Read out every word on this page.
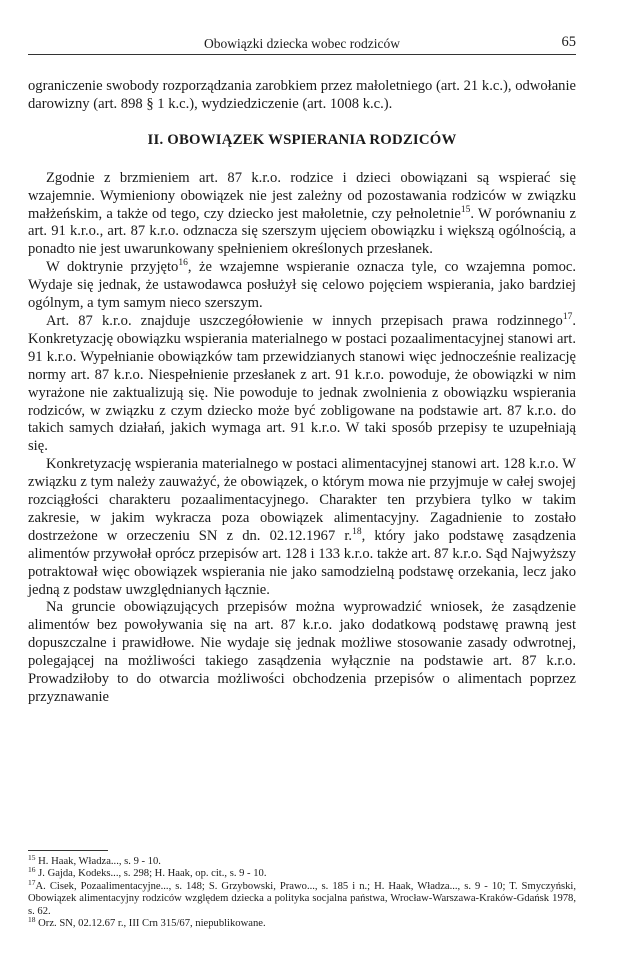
Obowiązki dziecka wobec rodziców	65

ograniczenie swobody rozporządzania zarobkiem przez małoletniego (art. 21 k.c.), odwołanie darowizny (art. 898 § 1 k.c.), wydziedziczenie (art. 1008 k.c.).

II. OBOWIĄZEK WSPIERANIA RODZICÓW

Zgodnie z brzmieniem art. 87 k.r.o. rodzice i dzieci obowiązani są wspierać się wzajemnie. Wymieniony obowiązek nie jest zależny od pozostawania rodziców w związku małżeńskim, a także od tego, czy dziecko jest małoletnie, czy pełnoletnie$^{15}$. W porównaniu z art. 91 k.r.o., art. 87 k.r.o. odznacza się szerszym ujęciem obowiązku i większą ogólnością, a ponadto nie jest uwarunkowany spełnieniem określonych przesłanek.

W doktrynie przyjęto$^{16}$, że wzajemne wspieranie oznacza tyle, co wzajemna pomoc. Wydaje się jednak, że ustawodawca posłużył się celowo pojęciem wspierania, jako bardziej ogólnym, a tym samym nieco szerszym.

Art. 87 k.r.o. znajduje uszczegółowienie w innych przepisach prawa rodzinnego$^{17}$. Konkretyzację obowiązku wspierania materialnego w postaci pozaalimentacyjnej stanowi art. 91 k.r.o. Wypełnianie obowiązków tam przewidzianych stanowi więc jednocześnie realizację normy art. 87 k.r.o. Niespełnienie przesłanek z art. 91 k.r.o. powoduje, że obowiązki w nim wyrażone nie zaktualizują się. Nie powoduje to jednak zwolnienia z obowiązku wspierania rodziców, w związku z czym dziecko może być zobligowane na podstawie art. 87 k.r.o. do takich samych działań, jakich wymaga art. 91 k.r.o. W taki sposób przepisy te uzupełniają się.

Konkretyzację wspierania materialnego w postaci alimentacyjnej stanowi art. 128 k.r.o. W związku z tym należy zauważyć, że obowiązek, o którym mowa nie przyjmuje w całej swojej rozciągłości charakteru pozaalimentacyjnego. Charakter ten przybiera tylko w takim zakresie, w jakim wykracza poza obowiązek alimentacyjny. Zagadnienie to zostało dostrzeżone w orzeczeniu SN z dn. 02.12.1967 r.$^{18}$, który jako podstawę zasądzenia alimentów przywołał oprócz przepisów art. 128 i 133 k.r.o. także art. 87 k.r.o. Sąd Najwyższy potraktował więc obowiązek wspierania nie jako samodzielną podstawę orzekania, lecz jako jedną z podstaw uwzględnianych łącznie.

Na gruncie obowiązujących przepisów można wyprowadzić wniosek, że zasądzenie alimentów bez powoływania się na art. 87 k.r.o. jako dodatkową podstawę prawną jest dopuszczalne i prawidłowe. Nie wydaje się jednak możliwe stosowanie zasady odwrotnej, polegającej na możliwości takiego zasądzenia wyłącznie na podstawie art. 87 k.r.o. Prowadziłoby to do otwarcia możliwości obchodzenia przepisów o alimentach poprzez przyznawanie

$^{15}$ H. Haak, Władza..., s. 9 - 10.

$^{16}$ J. Gajda, Kodeks..., s. 298; H. Haak, op. cit., s. 9 - 10.

$^{17}$A. Cisek, Pozaalimentacyjne..., s. 148; S. Grzybowski, Prawo..., s. 185 i n.; H. Haak, Władza..., s. 9 - 10; T. Smyczyński, Obowiązek alimentacyjny rodziców względem dziecka a polityka socjalna państwa, Wrocław-Warszawa-Kraków-Gdańsk 1978, s. 62.

$^{18}$ Orz. SN, 02.12.67 r., III Crn 315/67, niepublikowane.
